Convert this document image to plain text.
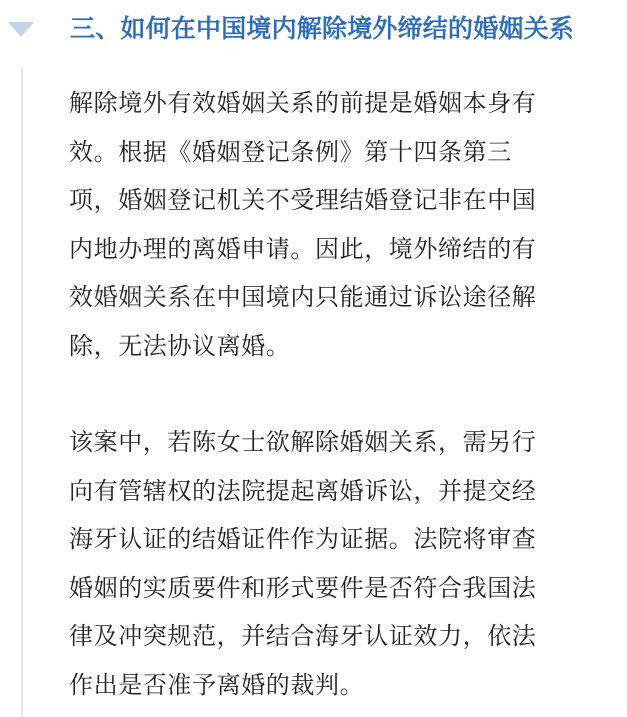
三、如何在中国境内解除境外缔结的婚姻关系

解除境外有效婚姻关系的前提是婚姻本身有
效。根据《婚姻登记条例》第十四条第三
项，婚姻登记机关不受理结婚登记非在中国
内地办理的离婚申请。因此，境外缔结的有
效婚姻关系在中国境内只能通过诉讼途径解
除，无法协议离婚。

该案中，若陈女士欲解除婚姻关系，需另行
向有管辖权的法院提起离婚诉讼，并提交经
海牙认证的结婚证件作为证据。法院将审查
婚姻的实质要件和形式要件是否符合我国法
律及冲突规范，并结合海牙认证效力，依法
作出是否准予离婚的裁判。
